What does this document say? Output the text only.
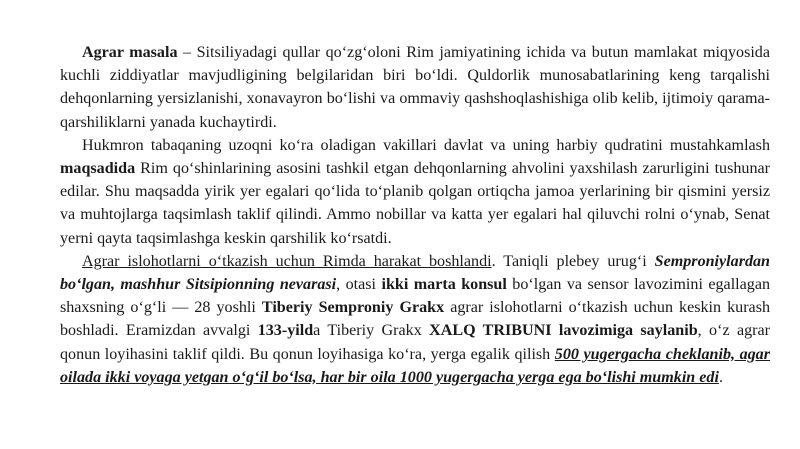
Agrar masala – Sitsiliyadagi qullar qo‘zg‘oloni Rim jamiyatining ichida va butun mamlakat miqyosida kuchli ziddiyatlar mavjudligining belgilaridan biri bo‘ldi. Quldorlik munosabatlarining keng tarqalishi dehqonlarning yersizlanishi, xonavayron bo‘lishi va ommaviy qashshoqlashishiga olib kelib, ijtimoiy qarama-qarshiliklarni yanada kuchaytirdi.

Hukmron tabaqaning uzoqni ko‘ra oladigan vakillari davlat va uning harbiy qudratini mustahkamlash maqsadida Rim qo‘shinlarining asosini tashkil etgan dehqonlarning ahvolini yaxshilash zarurligini tushunar edilar. Shu maqsadda yirik yer egalari qo‘lida to‘planib qolgan ortiqcha jamoa yerlarining bir qismini yersiz va muhtojlarga taqsimlash taklif qilindi. Ammo nobillar va katta yer egalari hal qiluvchi rolni o‘ynab, Senat yerni qayta taqsimlashga keskin qarshilik ko‘rsatdi.

Agrar islohotlarni o‘tkazish uchun Rimda harakat boshlandi. Taniqli plebey urug‘i Semproniylardan bo‘lgan, mashhur Sitsipionning nevarasi, otasi ikki marta konsul bo‘lgan va sensor lavozimini egallagan shaxsning o‘g‘li — 28 yoshli Tiberiy Semproniy Grakx agrar islohotlarni o‘tkazish uchun keskin kurash boshladi. Eramizdan avvalgi 133-yilda Tiberiy Grakx XALQ TRIBUNI lavozimiga saylanib, o‘z agrar qonun loyihasini taklif qildi. Bu qonun loyihasiga ko‘ra, yerga egalik qilish 500 yugergacha cheklanib, agar oilada ikki voyaga yetgan o‘g‘il bo‘lsa, har bir oila 1000 yugergacha yerga ega bo‘lishi mumkin edi.
